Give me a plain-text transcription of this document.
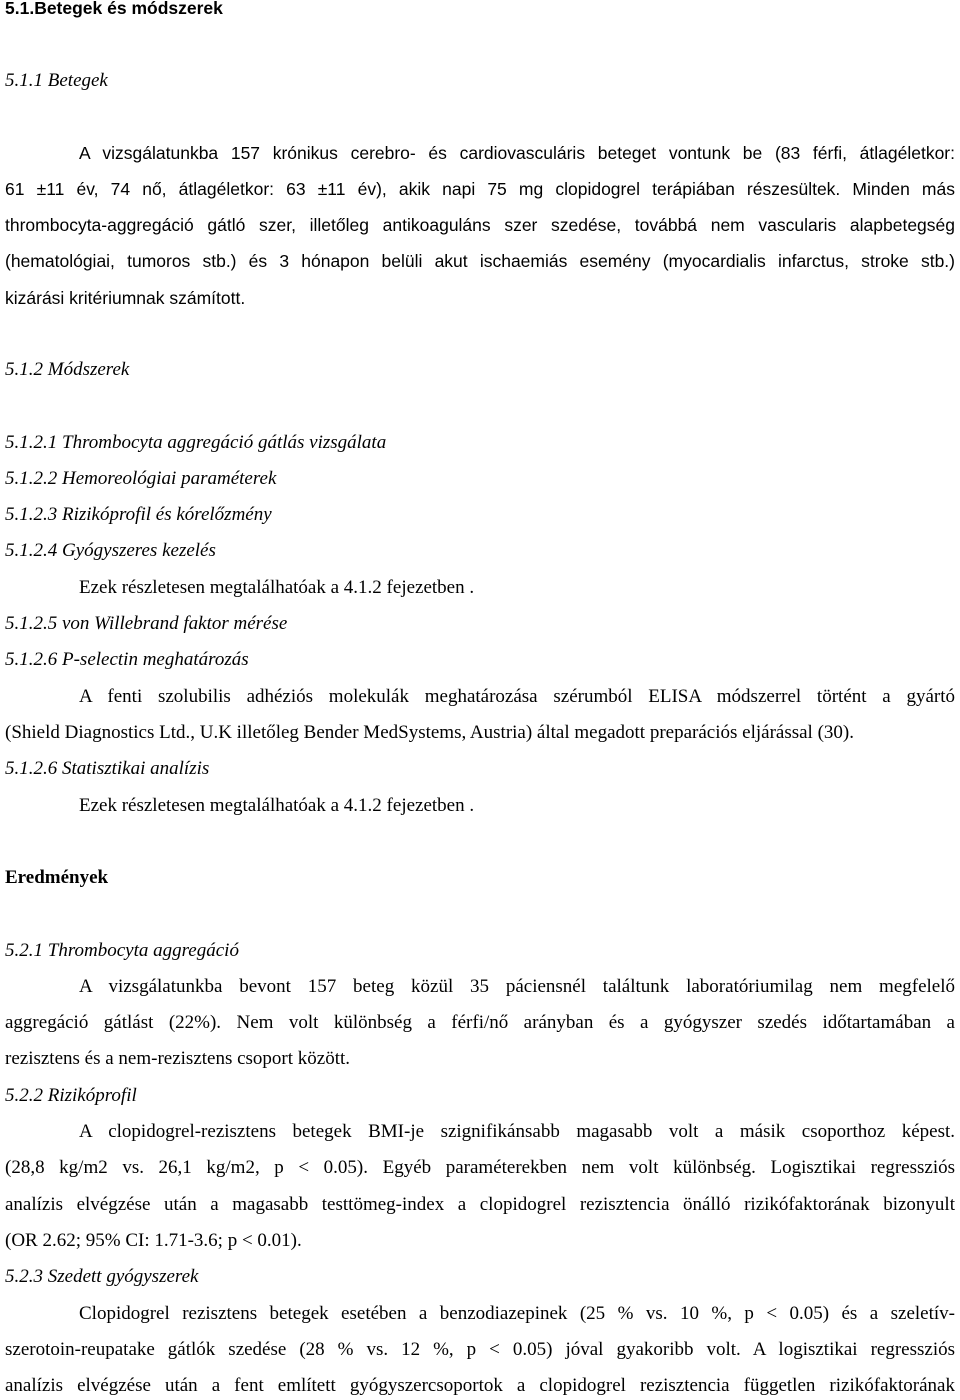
5.1.Betegek és módszerek
5.1.1 Betegek
A vizsgálatunkba 157 krónikus cerebro- és cardiovasculáris beteget vontunk be (83 férfi, átlagéletkor:
61 ±11 év, 74 nő, átlagéletkor: 63 ±11 év), akik napi 75 mg clopidogrel terápiában részesültek. Minden más
thrombocyta-aggregáció gátló szer, illetőleg antikoaguláns szer szedése, továbbá nem vascularis alapbetegség
(hematológiai, tumoros stb.) és 3 hónapon belüli akut ischaemiás esemény (myocardialis infarctus, stroke stb.)
kizárási kritériumnak számított.
5.1.2 Módszerek
5.1.2.1 Thrombocyta aggregáció gátlás vizsgálata
5.1.2.2 Hemoreológiai paraméterek
5.1.2.3 Rizikóprofil és kórelőzmény
5.1.2.4 Gyógyszeres kezelés
Ezek részletesen megtalálhatóak a 4.1.2 fejezetben .
5.1.2.5 von Willebrand faktor mérése
5.1.2.6 P-selectin meghatározás
A fenti szolubilis adhéziós molekulák meghatározása szérumból ELISA módszerrel történt a gyártó
(Shield Diagnostics Ltd., U.K illetőleg Bender MedSystems, Austria) által megadott preparációs eljárással (30).
5.1.2.6 Statisztikai analízis
Ezek részletesen megtalálhatóak a 4.1.2 fejezetben .
Eredmények
5.2.1 Thrombocyta aggregáció
A vizsgálatunkba bevont 157 beteg közül 35 páciensnél találtunk laboratóriumilag nem megfelelő
aggregáció gátlást (22%). Nem volt különbség a férfi/nő arányban és a gyógyszer szedés időtartamában a
rezisztens és a nem-rezisztens csoport között.
5.2.2 Rizikóprofil
A clopidogrel-rezisztens betegek BMI-je szignifikánsabb magasabb volt a másik csoporthoz képest.
(28,8 kg/m2 vs. 26,1 kg/m2, p < 0.05). Egyéb paraméterekben nem volt különbség. Logisztikai regressziós
analízis elvégzése után a magasabb testtömeg-index a clopidogrel rezisztencia önálló rizikófaktorának bizonyult
(OR 2.62; 95% CI: 1.71-3.6; p < 0.01).
5.2.3 Szedett gyógyszerek
Clopidogrel rezisztens betegek esetében a benzodiazepinek (25 % vs. 10 %, p < 0.05) és a szeletív-
szerotoin-reupatake gátlók szedése (28 % vs. 12 %, p < 0.05) jóval gyakoribb volt. A logisztikai regressziós
analízis elvégzése után a fent említett gyógyszercsoportok a clopidogrel rezisztencia független rizikófaktorának
